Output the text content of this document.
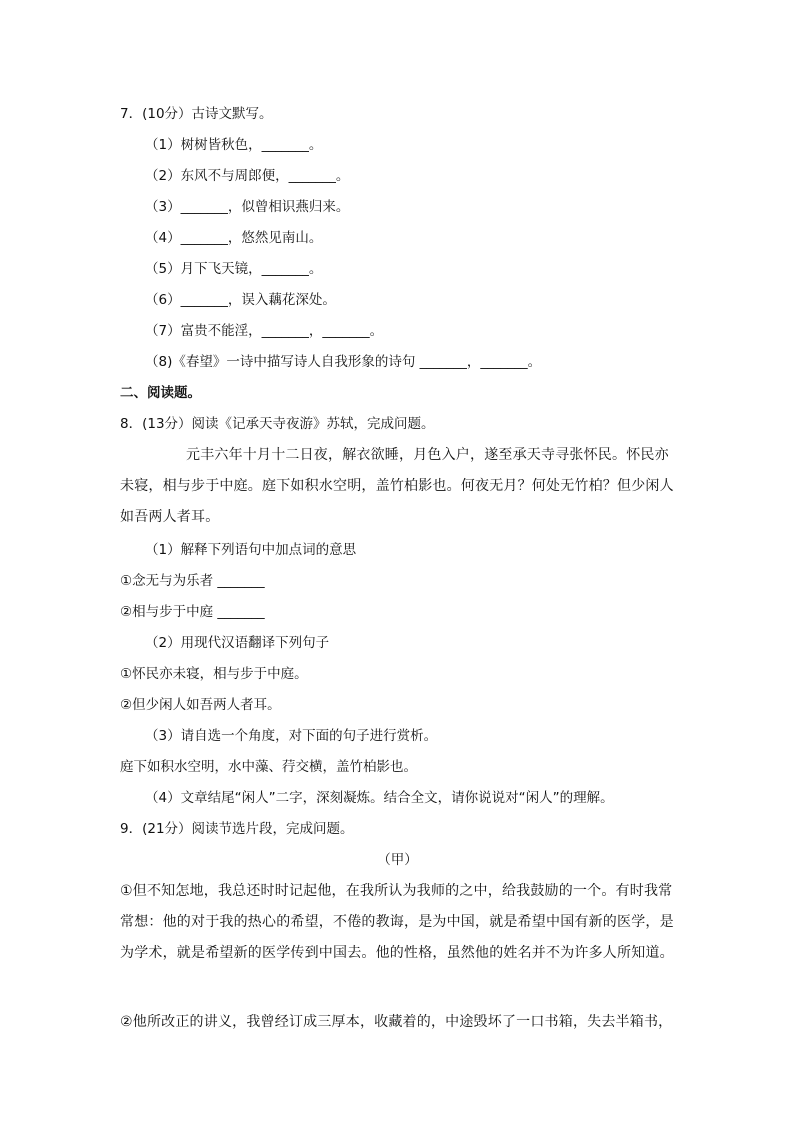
7．(10分）古诗文默写。
（1）树树皆秋色，_______。
（2）东风不与周郎便，_______。
（3）_______，似曾相识燕归来。
（4）_______，悠然见南山。
（5）月下飞天镜，_______。
（6）_______，误入藕花深处。
（7）富贵不能淫，_______，_______。
（8)《春望》一诗中描写诗人自我形象的诗句 _______，_______。
二、阅读题。
8．(13分）阅读《记承天寺夜游》苏轼，完成问题。
元丰六年十月十二日夜，解衣欲睡，月色入户，遂至承天寺寻张怀民。怀民亦未寝，相与步于中庭。庭下如积水空明，盖竹柏影也。何夜无月？何处无竹柏？但少闲人如吾两人者耳。
（1）解释下列语句中加点词的意思
①念无与为乐者 _______
②相与步于中庭 _______
（2）用现代汉语翻译下列句子
①怀民亦未寝，相与步于中庭。
②但少闲人如吾两人者耳。
（3）请自选一个角度，对下面的句子进行赏析。
庭下如积水空明，水中藻、荇交横，盖竹柏影也。
（4）文章结尾“闲人”二字，深刻凝炼。结合全文，请你说说对“闲人”的理解。
9．(21分）阅读节选片段，完成问题。
（甲）
①但不知怎地，我总还时时记起他，在我所认为我师的之中，给我鼓励的一个。有时我常常想：他的对于我的热心的希望，不倦的教诲，是为中国，就是希望中国有新的医学，是为学术，就是希望新的医学传到中国去。他的性格，虽然他的姓名并不为许多人所知道。
②他所改正的讲义，我曾经订成三厚本，收藏着的，中途毁坏了一口书箱，失去半箱书，
